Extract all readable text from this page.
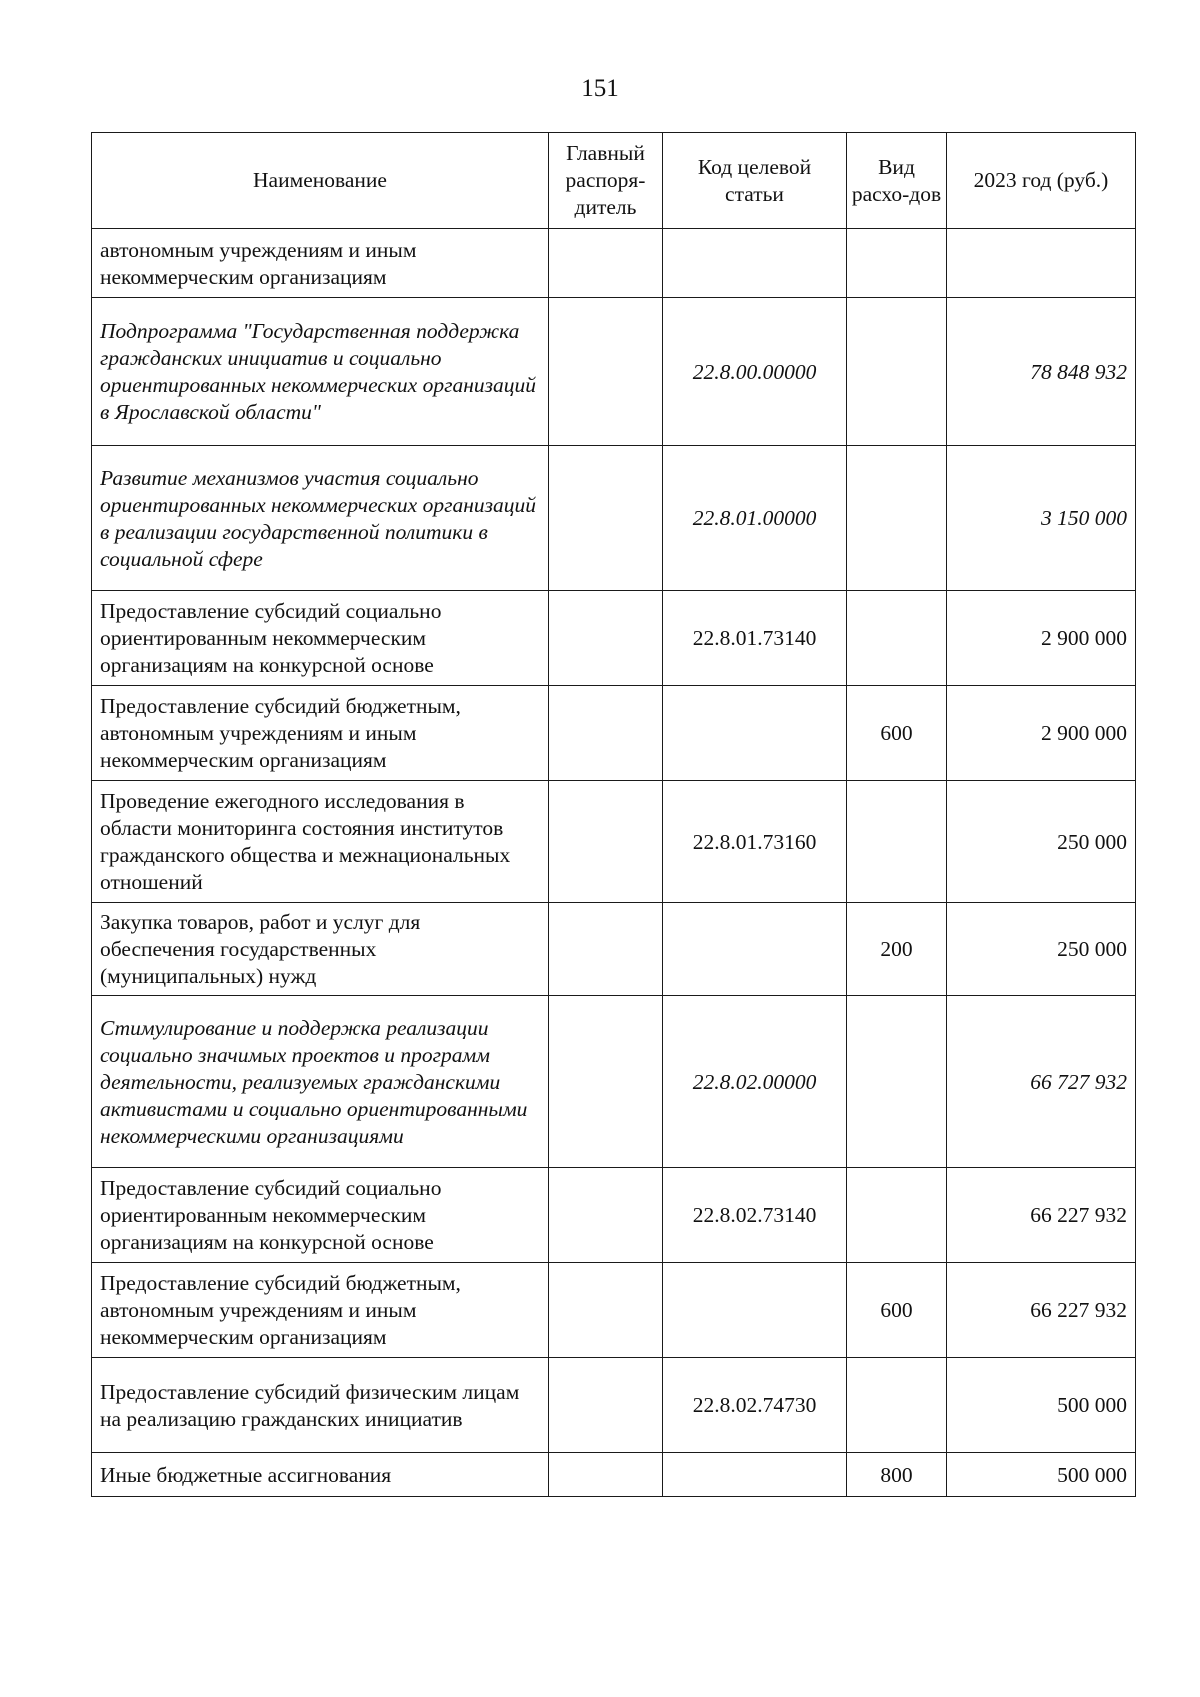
151
Наименование	Главный распоря-дитель	Код целевой статьи	Вид расхо-дов	2023 год (руб.)
автономным учреждениям и иным некоммерческим организациям				
Подпрограмма "Государственная поддержка гражданских инициатив и социально ориентированных некоммерческих организаций в Ярославской области"		22.8.00.00000		78 848 932
Развитие механизмов участия социально ориентированных некоммерческих организаций в реализации государственной политики в социальной сфере		22.8.01.00000		3 150 000
Предоставление субсидий социально ориентированным некоммерческим организациям на конкурсной основе		22.8.01.73140		2 900 000
Предоставление субсидий бюджетным, автономным учреждениям и иным некоммерческим организациям			600	2 900 000
Проведение ежегодного исследования в области мониторинга состояния институтов гражданского общества и межнациональных отношений		22.8.01.73160		250 000
Закупка товаров, работ и услуг для обеспечения государственных (муниципальных) нужд			200	250 000
Стимулирование и поддержка реализации социально значимых проектов и программ деятельности, реализуемых гражданскими активистами и социально ориентированными некоммерческими организациями		22.8.02.00000		66 727 932
Предоставление субсидий социально ориентированным некоммерческим организациям на конкурсной основе		22.8.02.73140		66 227 932
Предоставление субсидий бюджетным, автономным учреждениям и иным некоммерческим организациям			600	66 227 932
Предоставление субсидий физическим лицам на реализацию гражданских инициатив		22.8.02.74730		500 000
Иные бюджетные ассигнования			800	500 000
